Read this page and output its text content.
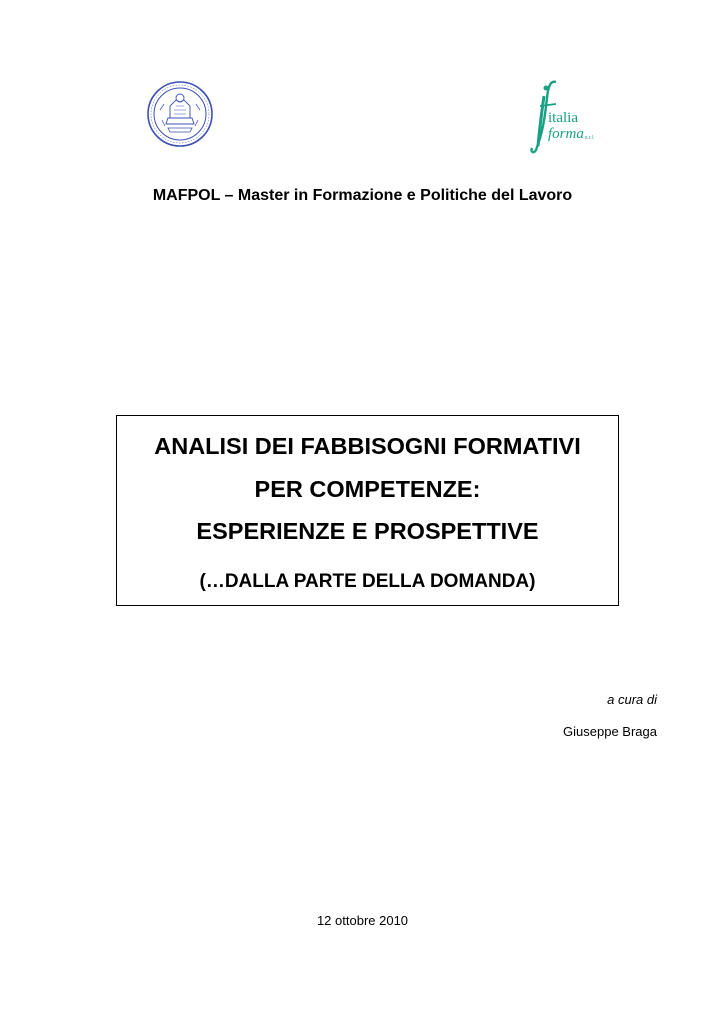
italia
forma s.r.l.
MAFPOL – Master in Formazione e Politiche del Lavoro
ANALISI DEI FABBISOGNI FORMATIVI
PER COMPETENZE:
ESPERIENZE E PROSPETTIVE
(…DALLA PARTE DELLA DOMANDA)
a cura di
Giuseppe Braga
12 ottobre 2010
